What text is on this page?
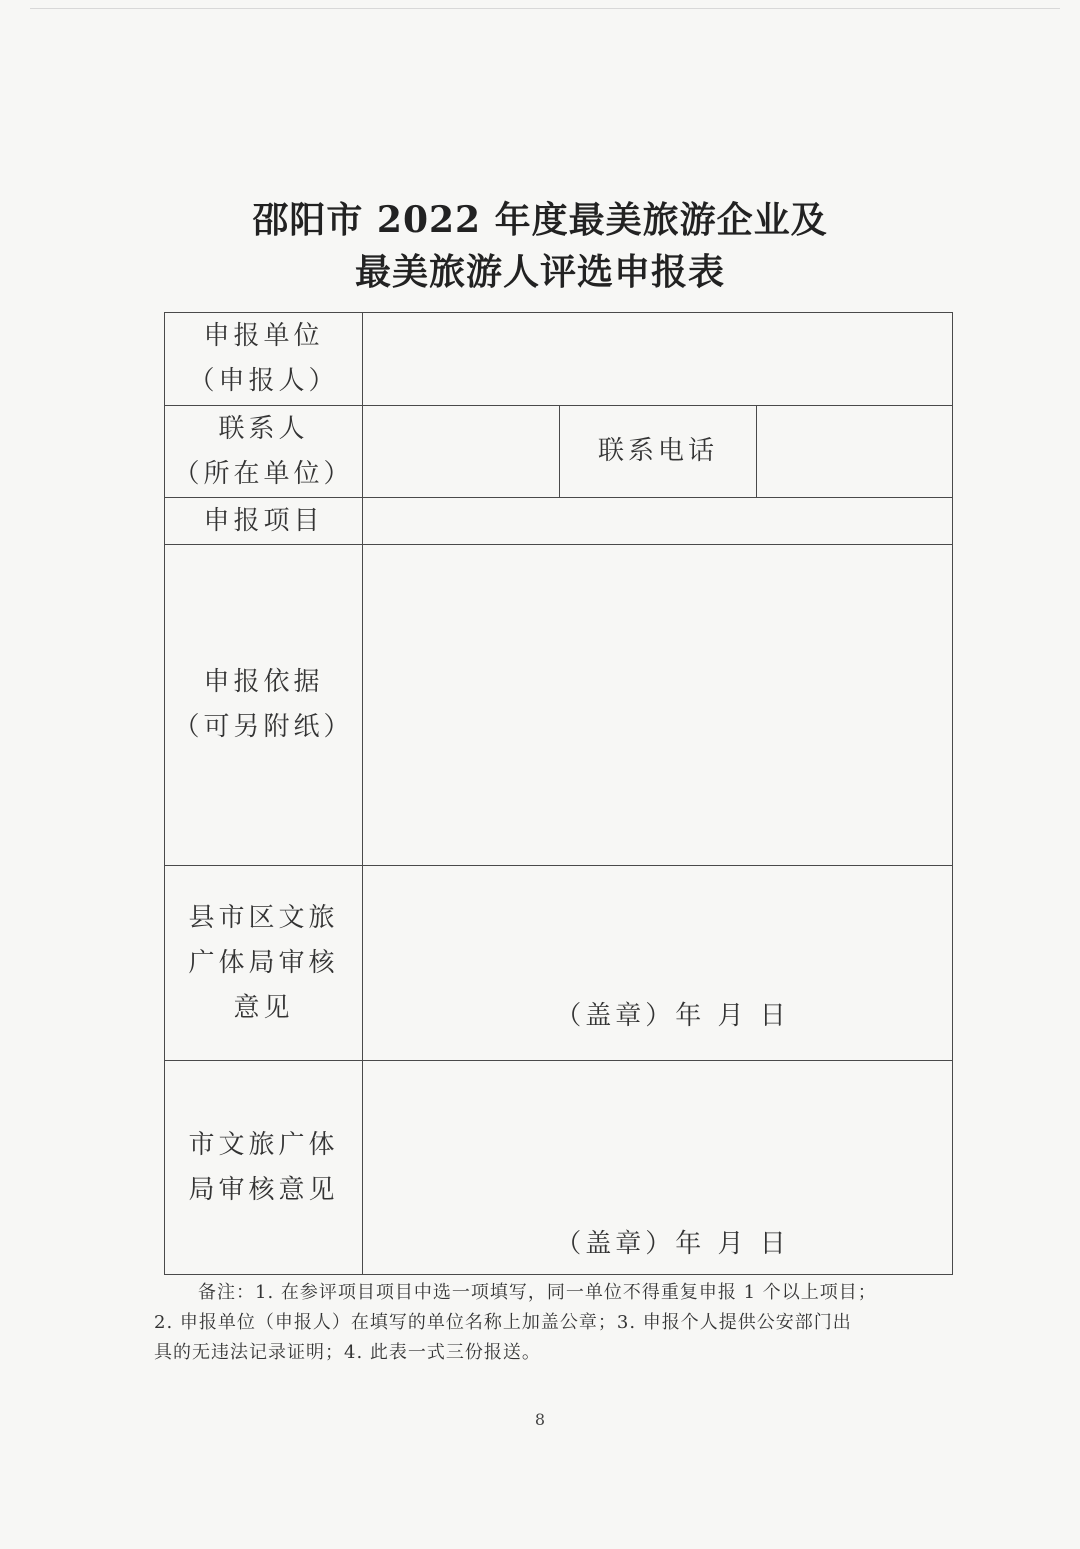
邵阳市 2022 年度最美旅游企业及
最美旅游人评选申报表
申报单位
（申报人）			

联系人
（所在单位）		联系电话	
申报项目			

申报依据
（可另附纸）			

县市区文旅
广体局审核
意见	（盖章）年 月 日		

市文旅广体
局审核意见	（盖章）年 月 日		

备注：1. 在参评项目项目中选一项填写，同一单位不得重复申报 1 个以上项目；

2. 申报单位（申报人）在填写的单位名称上加盖公章；3. 申报个人提供公安部门出

具的无违法记录证明；4. 此表一式三份报送。

8
